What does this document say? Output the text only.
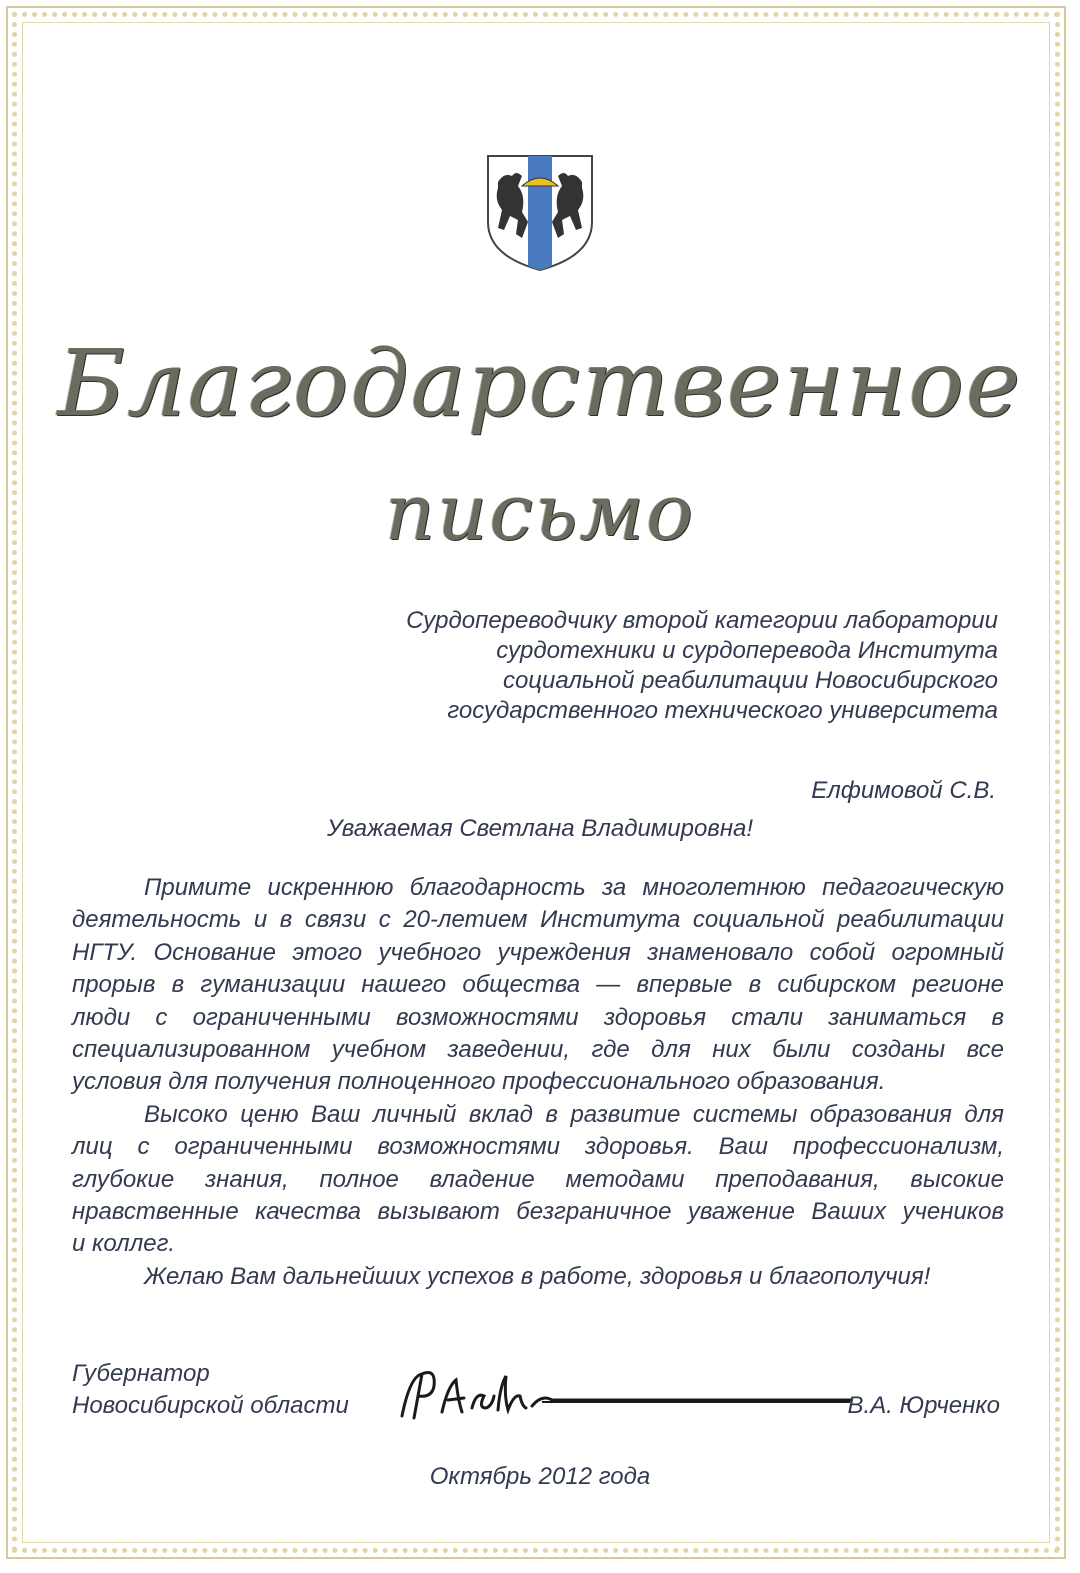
Благодарственное
письмо
Сурдопереводчику второй категории лаборатории
сурдотехники и сурдоперевода Института
социальной реабилитации Новосибирского
государственного технического университета
Елфимовой С.В.
Уважаемая Светлана Владимировна!
Примите искреннюю благодарность за многолетнюю педагогическую
деятельность и в связи с 20-летием Института социальной реабилитации
НГТУ. Основание этого учебного учреждения знаменовало собой огромный
прорыв в гуманизации нашего общества — впервые в сибирском регионе
люди с ограниченными возможностями здоровья стали заниматься в
специализированном учебном заведении, где для них были созданы все
условия для получения полноценного профессионального образования.
Высоко ценю Ваш личный вклад в развитие системы образования для
лиц с ограниченными возможностями здоровья. Ваш профессионализм,
глубокие знания, полное владение методами преподавания, высокие
нравственные качества вызывают безграничное уважение Ваших учеников
и коллег.
Желаю Вам дальнейших успехов в работе, здоровья и благополучия!
Губернатор
Новосибирской области	В.А. Юрченко
Октябрь 2012 года
